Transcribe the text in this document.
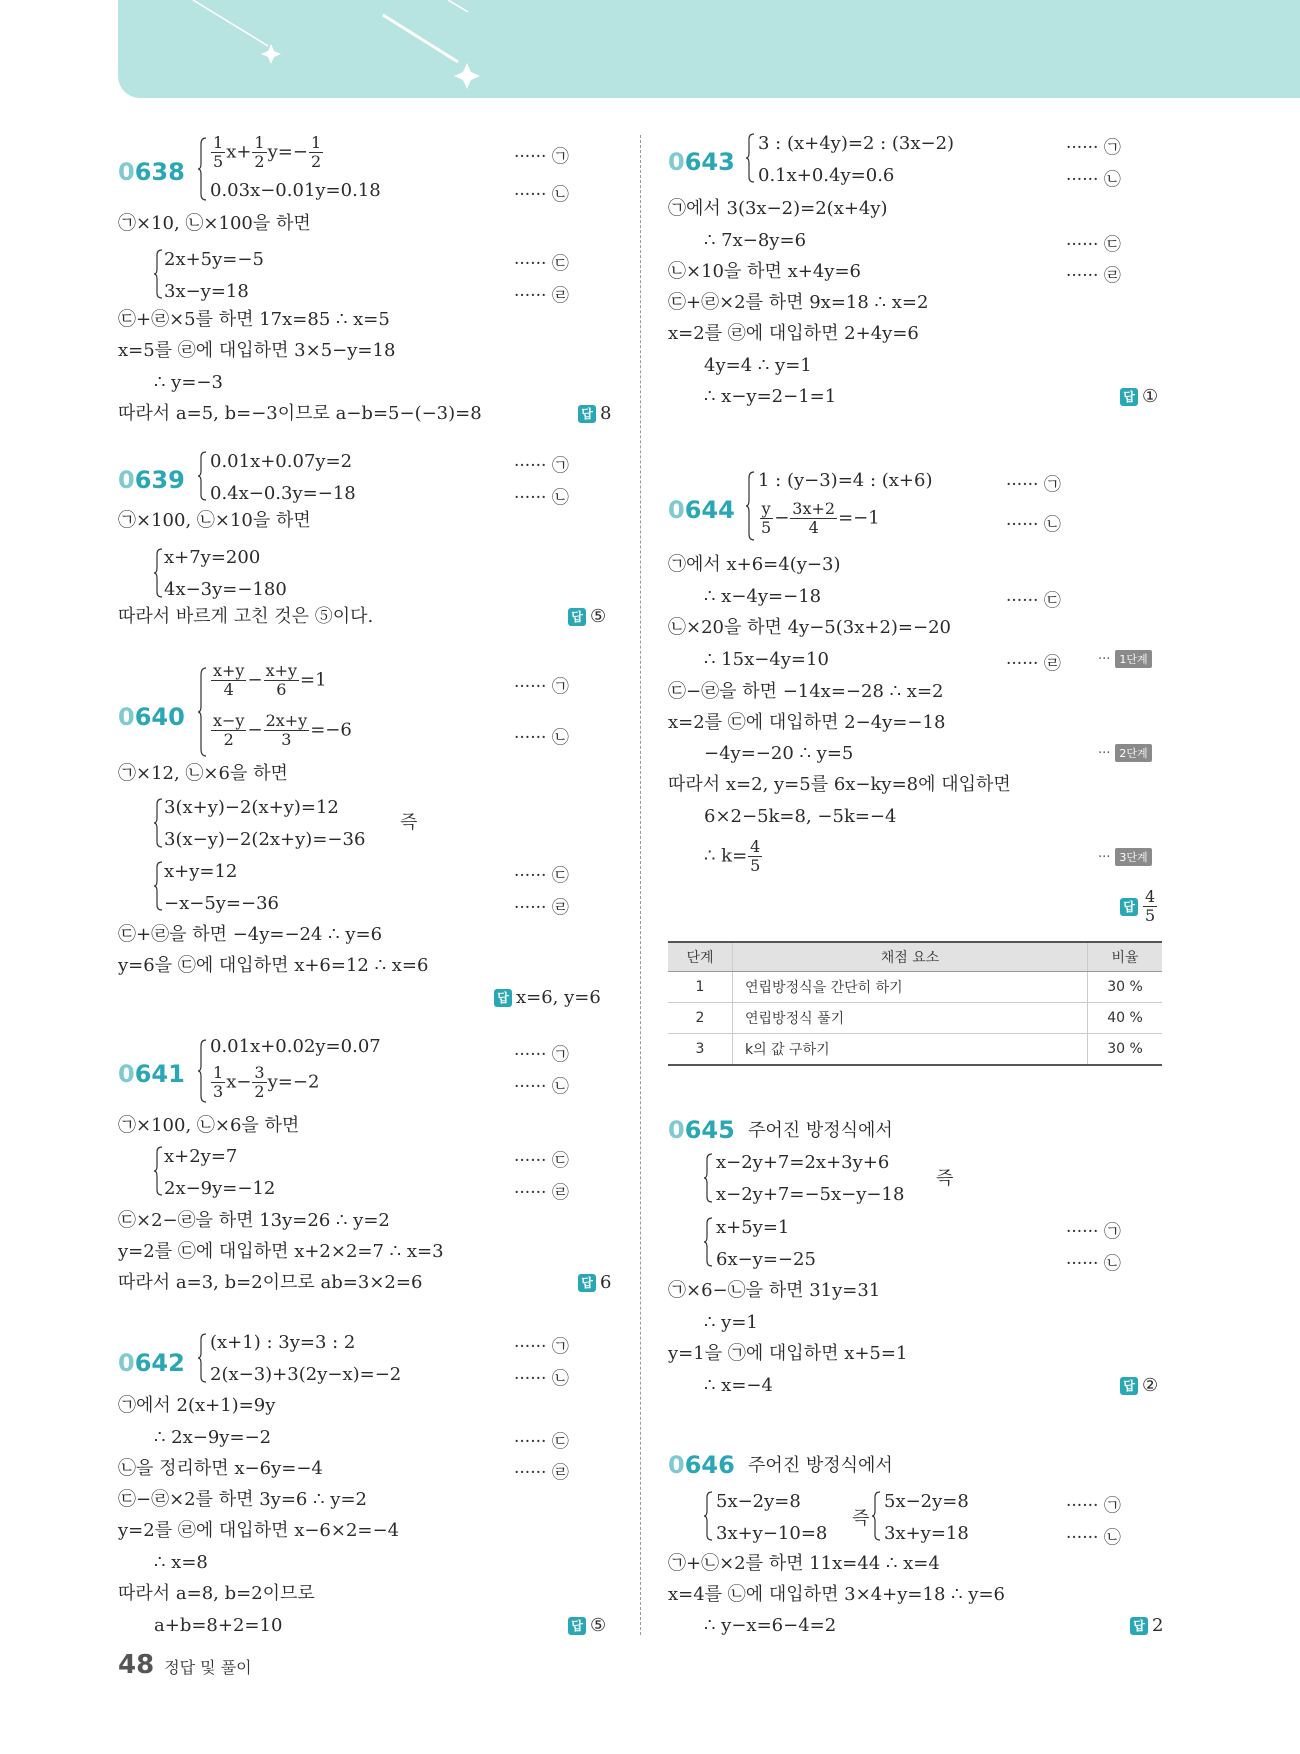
0638
$\frac{1}{5} x+ \frac{1}{2} y=- \frac{1}{2}$	······ ㉠
0.03x−0.01y=0.18	······ ㉡
㉠×10, ㉡×100을 하면
2x+5y=−5	······ ㉢
3x−y=18	······ ㉣
㉢+㉣×5를 하면 17x=85 ∴ x=5
x=5를 ㉣에 대입하면 3×5−y=18
∴ y=−3
따라서 a=5, b=−3이므로 a−b=5−(−3)=8	답 8
0639
0.01x+0.07y=2	······ ㉠
0.4x−0.3y=−18	······ ㉡
㉠×100, ㉡×10을 하면
x+7y=200
4x−3y=−180
따라서 바르게 고친 것은 ⑤이다.	답 ⑤
0640
$\frac{x+y}{4} - \frac{x+y}{6} =1$	······ ㉠
$\frac{x-y}{2} - \frac{2x+y}{3} =-6$	······ ㉡
㉠×12, ㉡×6을 하면
3(x+y)−2(x+y)=12
3(x−y)−2(2x+y)=−36
즉
x+y=12	······ ㉢
−x−5y=−36	······ ㉣
㉢+㉣을 하면 −4y=−24 ∴ y=6
y=6을 ㉢에 대입하면 x+6=12 ∴ x=6
답 x=6, y=6
0641
0.01x+0.02y=0.07	······ ㉠
$\frac{1}{3} x- \frac{3}{2} y=-2$	······ ㉡
㉠×100, ㉡×6을 하면
x+2y=7	······ ㉢
2x−9y=−12	······ ㉣
㉢×2−㉣을 하면 13y=26 ∴ y=2
y=2를 ㉢에 대입하면 x+2×2=7 ∴ x=3
따라서 a=3, b=2이므로 ab=3×2=6	답 6
0642
(x+1) : 3y=3 : 2	······ ㉠
2(x−3)+3(2y−x)=−2	······ ㉡
㉠에서 2(x+1)=9y
∴ 2x−9y=−2	······ ㉢
㉡을 정리하면 x−6y=−4	······ ㉣
㉢−㉣×2를 하면 3y=6 ∴ y=2
y=2를 ㉣에 대입하면 x−6×2=−4
∴ x=8
따라서 a=8, b=2이므로
a+b=8+2=10	답 ⑤
0643
3 : (x+4y)=2 : (3x−2)	······ ㉠
0.1x+0.4y=0.6	······ ㉡
㉠에서 3(3x−2)=2(x+4y)
∴ 7x−8y=6	······ ㉢
㉡×10을 하면 x+4y=6	······ ㉣
㉢+㉣×2를 하면 9x=18 ∴ x=2
x=2를 ㉣에 대입하면 2+4y=6
4y=4 ∴ y=1
∴ x−y=2−1=1	답 ①
0644
1 : (y−3)=4 : (x+6)	······ ㉠
$\frac{y}{5} - \frac{3x+2}{4} =-1$	······ ㉡
㉠에서 x+6=4(y−3)
∴ x−4y=−18	······ ㉢
㉡×20을 하면 4y−5(3x+2)=−20
∴ 15x−4y=10	······ ㉣	··· 1단계
㉢−㉣을 하면 −14x=−28 ∴ x=2
x=2를 ㉢에 대입하면 2−4y=−18
−4y=−20 ∴ y=5	··· 2단계
따라서 x=2, y=5를 6x−ky=8에 대입하면
6×2−5k=8, −5k=−4
∴ $k= \frac{4}{5}$	··· 3단계
답 $\frac{4}{5}$
단계	채점 요소	비율
1	연립방정식을 간단히 하기	30 %
2	연립방정식 풀기	40 %
3	k의 값 구하기	30 %
0645 주어진 방정식에서
x−2y+7=2x+3y+6
x−2y+7=−5x−y−18
즉
x+5y=1	······ ㉠
6x−y=−25	······ ㉡
㉠×6−㉡을 하면 31y=31
∴ y=1
y=1을 ㉠에 대입하면 x+5=1
∴ x=−4	답 ②
0646 주어진 방정식에서
5x−2y=8
3x+y−10=8
즉
5x−2y=8	······ ㉠
3x+y=18	······ ㉡
㉠+㉡×2를 하면 11x=44 ∴ x=4
x=4를 ㉡에 대입하면 3×4+y=18 ∴ y=6
∴ y−x=6−4=2	답 2
48 정답 및 풀이
